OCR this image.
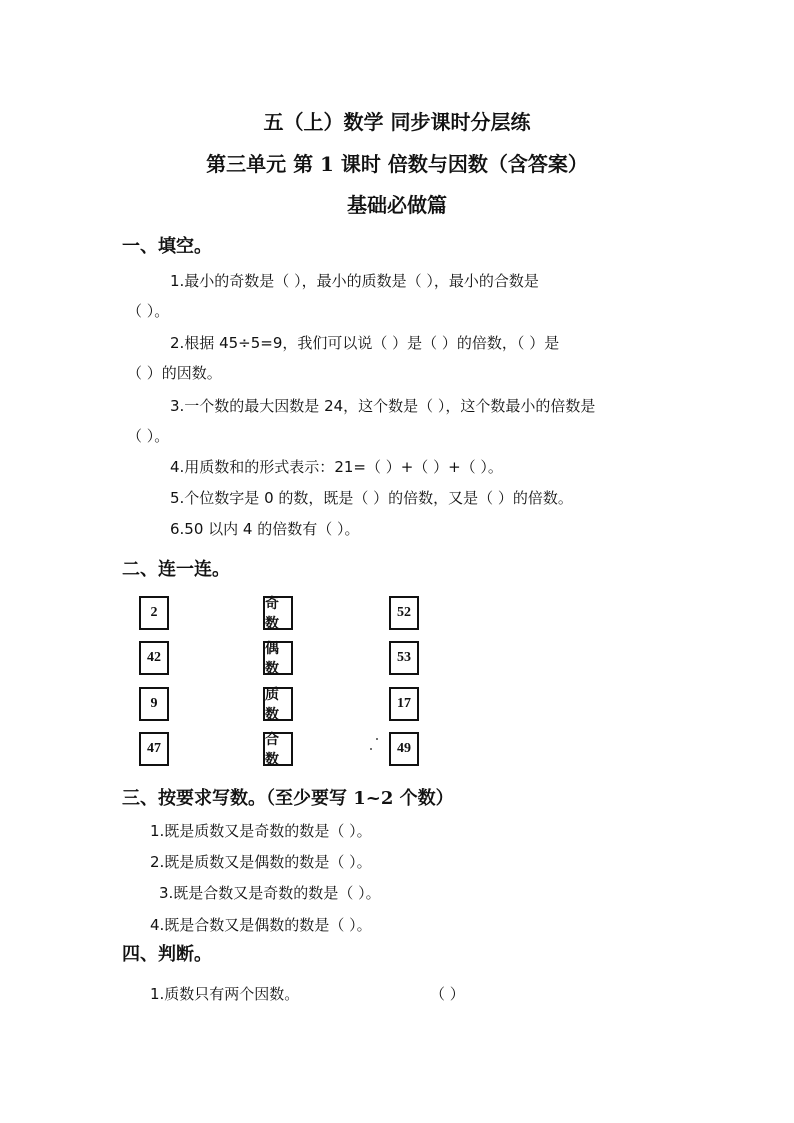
五（上）数学 同步课时分层练
第三单元 第 1 课时 倍数与因数（含答案）
基础必做篇
一、填空。
1.最小的奇数是（ ），最小的质数是（ ），最小的合数是
（ ）。
2.根据 45÷5=9，我们可以说（ ）是（ ）的倍数，（ ）是
（ ）的因数。
3.一个数的最大因数是 24，这个数是（ ），这个数最小的倍数是
（ ）。
4.用质数和的形式表示：21=（ ）+（ ）+（ ）。
5.个位数字是 0 的数，既是（ ）的倍数，又是（ ）的倍数。
6.50 以内 4 的倍数有（ ）。
二、连一连。
2
42
9
47
奇数
偶数
质数
合数
52
53
17
49
三、按要求写数。（至少要写 1~2 个数）
1.既是质数又是奇数的数是（ ）。
2.既是质数又是偶数的数是（ ）。
3.既是合数又是奇数的数是（ ）。
4.既是合数又是偶数的数是（ ）。
四、判断。
1.质数只有两个因数。	（ ）
